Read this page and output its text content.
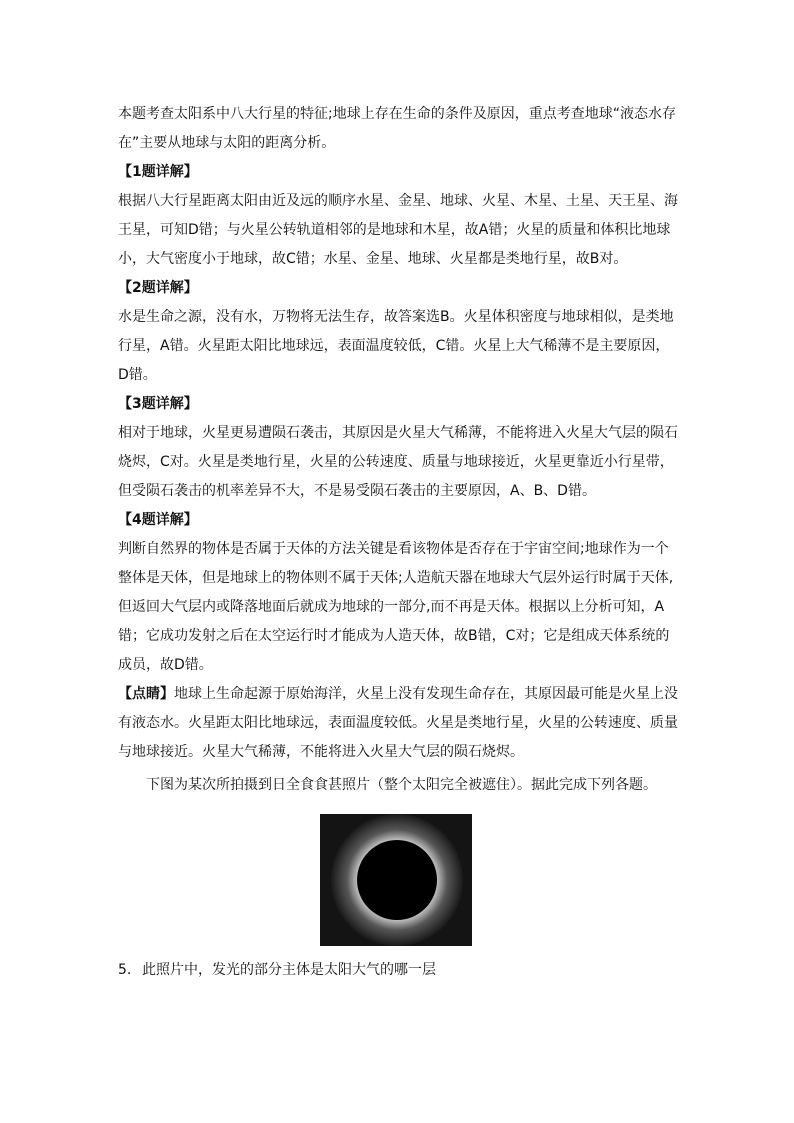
本题考查太阳系中八大行星的特征;地球上存在生命的条件及原因，重点考查地球“液态水存在”主要从地球与太阳的距离分析。

【1题详解】

根据八大行星距离太阳由近及远的顺序水星、金星、地球、火星、木星、土星、天王星、海王星，可知D错；与火星公转轨道相邻的是地球和木星，故A错；火星的质量和体积比地球小，大气密度小于地球，故C错；水星、金星、地球、火星都是类地行星，故B对。

【2题详解】

水是生命之源，没有水，万物将无法生存，故答案选B。火星体积密度与地球相似，是类地行星，A错。火星距太阳比地球远，表面温度较低，C错。火星上大气稀薄不是主要原因，D错。

【3题详解】

相对于地球，火星更易遭陨石袭击，其原因是火星大气稀薄，不能将进入火星大气层的陨石烧烬，C对。火星是类地行星，火星的公转速度、质量与地球接近，火星更靠近小行星带，但受陨石袭击的机率差异不大，不是易受陨石袭击的主要原因，A、B、D错。

【4题详解】

判断自然界的物体是否属于天体的方法关键是看该物体是否存在于宇宙空间;地球作为一个整体是天体，但是地球上的物体则不属于天体;人造航天器在地球大气层外运行时属于天体,但返回大气层内或降落地面后就成为地球的一部分,而不再是天体。根据以上分析可知，A错；它成功发射之后在太空运行时才能成为人造天体，故B错，C对；它是组成天体系统的成员，故D错。

【点睛】地球上生命起源于原始海洋，火星上没有发现生命存在，其原因最可能是火星上没有液态水。火星距太阳比地球远，表面温度较低。火星是类地行星，火星的公转速度、质量与地球接近。火星大气稀薄，不能将进入火星大气层的陨石烧烬。

下图为某次所拍摄到日全食食甚照片（整个太阳完全被遮住）。据此完成下列各题。

5. 此照片中，发光的部分主体是太阳大气的哪一层
